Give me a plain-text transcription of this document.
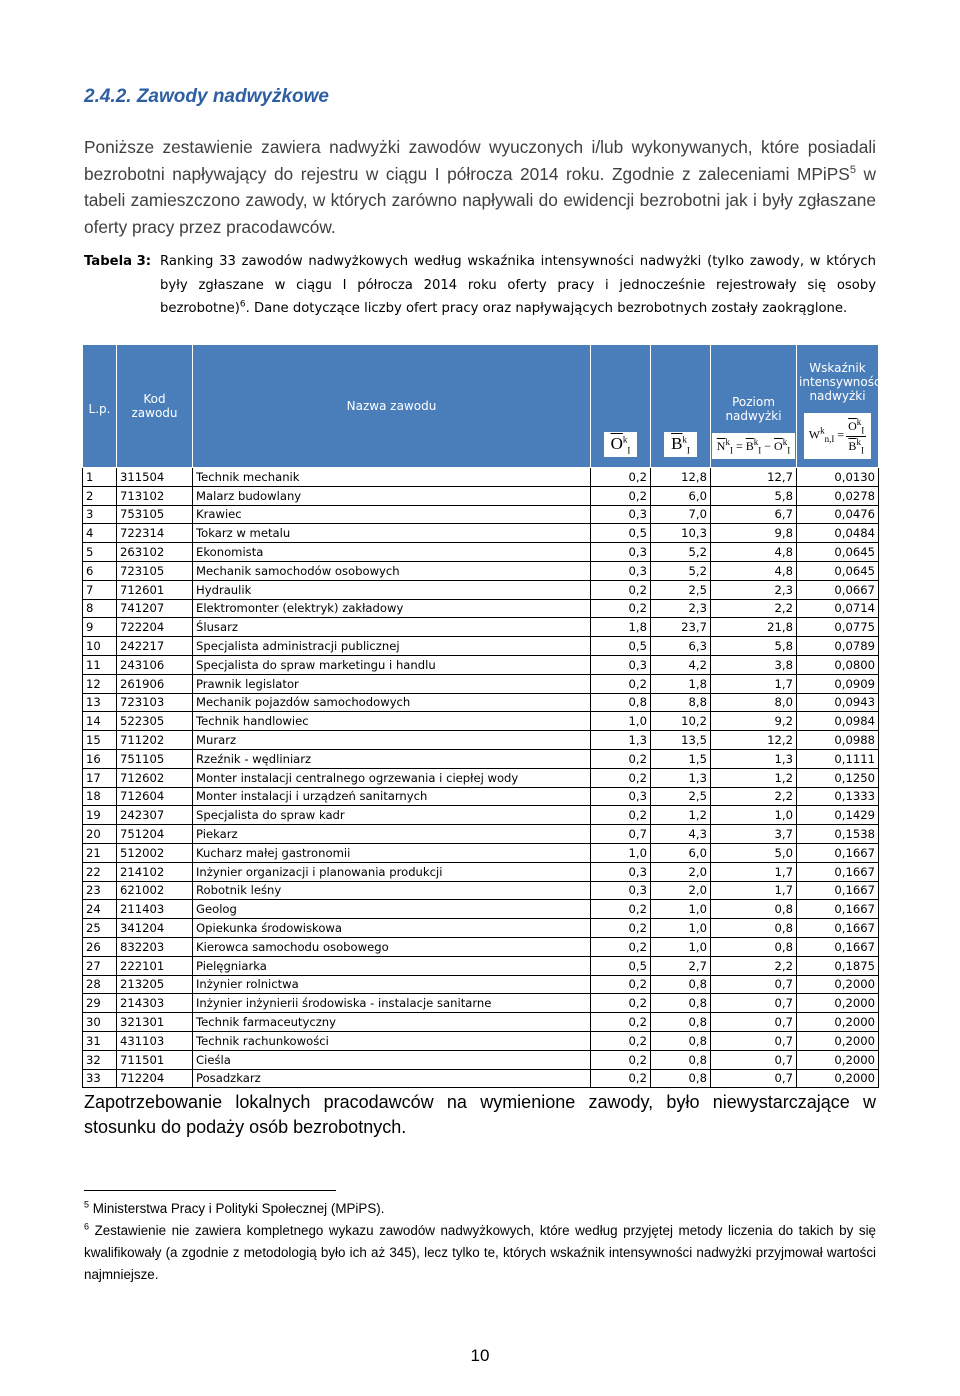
2.4.2. Zawody nadwyżkowe
Poniższe zestawienie zawiera nadwyżki zawodów wyuczonych i/lub wykonywanych, które posiadali bezrobotni napływający do rejestru w ciągu I półrocza 2014 roku. Zgodnie z zaleceniami MPiPS$^5$ w tabeli zamieszczono zawody, w których zarówno napływali do ewidencji bezrobotni jak i były zgłaszane oferty pracy przez pracodawców.
Tabela 3: Ranking 33 zawodów nadwyżkowych według wskaźnika intensywności nadwyżki (tylko zawody, w których były zgłaszane w ciągu I półrocza 2014 roku oferty pracy i jednocześnie rejestrowały się osoby bezrobotne)$^6$. Dane dotyczące liczby ofert pracy oraz napływających bezrobotnych zostały zaokrąglone.
L.p.	Kod zawodu	Nazwa zawodu	$\overline{O}^k_I$	$\overline{B}^k_I$	Poziom nadwyżki
$\overline{N}^k_I = \overline{B}^k_I - \overline{O}^k_I$	Wskaźnik intensywności nadwyżki
$W^k_{n,I} = \frac{\overline{O}^k_I}{\overline{B}^k_I}$

1	311504	Technik mechanik	0,2	12,8	12,7	0,0130
2	713102	Malarz budowlany	0,2	6,0	5,8	0,0278
3	753105	Krawiec	0,3	7,0	6,7	0,0476
4	722314	Tokarz w metalu	0,5	10,3	9,8	0,0484
5	263102	Ekonomista	0,3	5,2	4,8	0,0645
6	723105	Mechanik samochodów osobowych	0,3	5,2	4,8	0,0645
7	712601	Hydraulik	0,2	2,5	2,3	0,0667
8	741207	Elektromonter (elektryk) zakładowy	0,2	2,3	2,2	0,0714
9	722204	Ślusarz	1,8	23,7	21,8	0,0775
10	242217	Specjalista administracji publicznej	0,5	6,3	5,8	0,0789
11	243106	Specjalista do spraw marketingu i handlu	0,3	4,2	3,8	0,0800
12	261906	Prawnik legislator	0,2	1,8	1,7	0,0909
13	723103	Mechanik pojazdów samochodowych	0,8	8,8	8,0	0,0943
14	522305	Technik handlowiec	1,0	10,2	9,2	0,0984
15	711202	Murarz	1,3	13,5	12,2	0,0988
16	751105	Rzeźnik - wędliniarz	0,2	1,5	1,3	0,1111
17	712602	Monter instalacji centralnego ogrzewania i ciepłej wody	0,2	1,3	1,2	0,1250
18	712604	Monter instalacji i urządzeń sanitarnych	0,3	2,5	2,2	0,1333
19	242307	Specjalista do spraw kadr	0,2	1,2	1,0	0,1429
20	751204	Piekarz	0,7	4,3	3,7	0,1538
21	512002	Kucharz małej gastronomii	1,0	6,0	5,0	0,1667
22	214102	Inżynier organizacji i planowania produkcji	0,3	2,0	1,7	0,1667
23	621002	Robotnik leśny	0,3	2,0	1,7	0,1667
24	211403	Geolog	0,2	1,0	0,8	0,1667
25	341204	Opiekunka środowiskowa	0,2	1,0	0,8	0,1667
26	832203	Kierowca samochodu osobowego	0,2	1,0	0,8	0,1667
27	222101	Pielęgniarka	0,5	2,7	2,2	0,1875
28	213205	Inżynier rolnictwa	0,2	0,8	0,7	0,2000
29	214303	Inżynier inżynierii środowiska - instalacje sanitarne	0,2	0,8	0,7	0,2000
30	321301	Technik farmaceutyczny	0,2	0,8	0,7	0,2000
31	431103	Technik rachunkowości	0,2	0,8	0,7	0,2000
32	711501	Cieśla	0,2	0,8	0,7	0,2000
33	712204	Posadzkarz	0,2	0,8	0,7	0,2000
Zapotrzebowanie lokalnych pracodawców na wymienione zawody, było niewystarczające w stosunku do podaży osób bezrobotnych.

$^5$ Ministerstwa Pracy i Polityki Społecznej (MPiPS).

$^6$ Zestawienie nie zawiera kompletnego wykazu zawodów nadwyżkowych, które według przyjętej metody liczenia do takich by się kwalifikowały (a zgodnie z metodologią było ich aż 345), lecz tylko te, których wskaźnik intensywności nadwyżki przyjmował wartości najmniejsze.

10
